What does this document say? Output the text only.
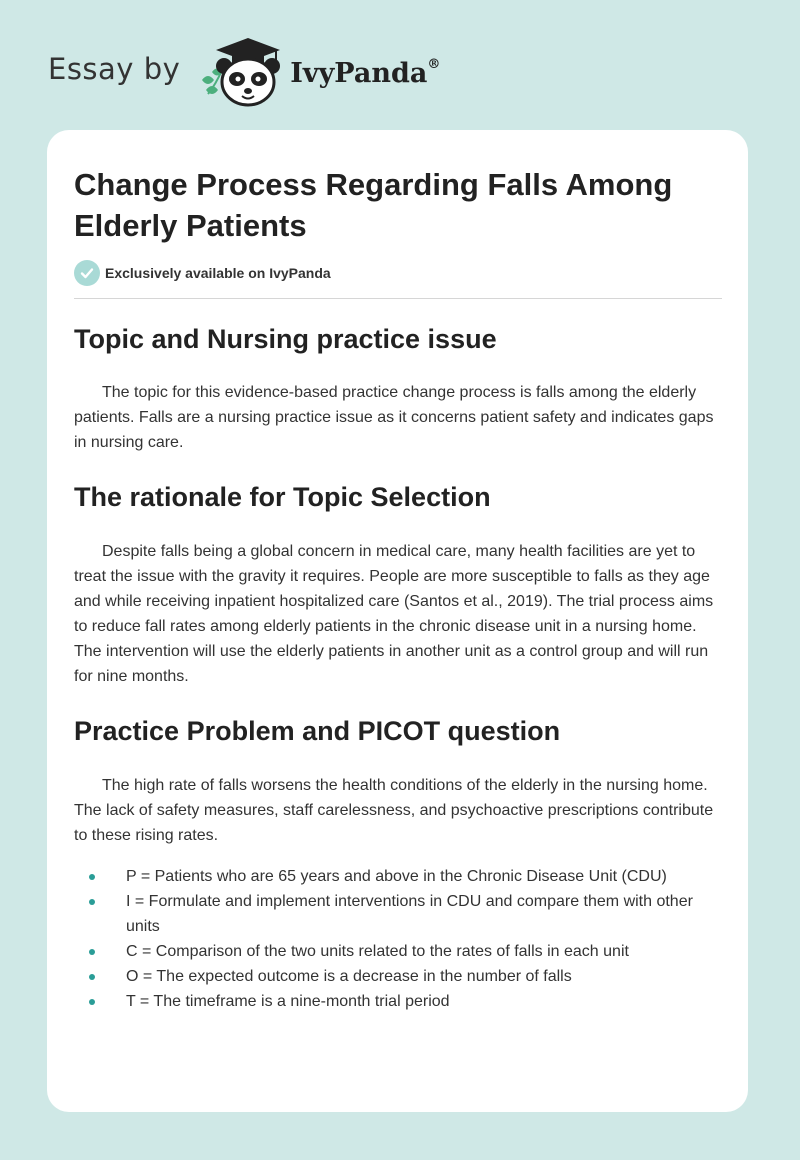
Essay by	IvyPanda®
Change Process Regarding Falls Among Elderly Patients
Exclusively available on IvyPanda
Topic and Nursing practice issue

The topic for this evidence-based practice change process is falls among the elderly patients. Falls are a nursing practice issue as it concerns patient safety and indicates gaps in nursing care.

The rationale for Topic Selection

Despite falls being a global concern in medical care, many health facilities are yet to treat the issue with the gravity it requires. People are more susceptible to falls as they age and while receiving inpatient hospitalized care (Santos et al., 2019). The trial process aims to reduce fall rates among elderly patients in the chronic disease unit in a nursing home. The intervention will use the elderly patients in another unit as a control group and will run for nine months.

Practice Problem and PICOT question

The high rate of falls worsens the health conditions of the elderly in the nursing home. The lack of safety measures, staff carelessness, and psychoactive prescriptions contribute to these rising rates.

P = Patients who are 65 years and above in the Chronic Disease Unit (CDU)
I = Formulate and implement interventions in CDU and compare them with other units
C = Comparison of the two units related to the rates of falls in each unit
O = The expected outcome is a decrease in the number of falls
T = The timeframe is a nine-month trial period
